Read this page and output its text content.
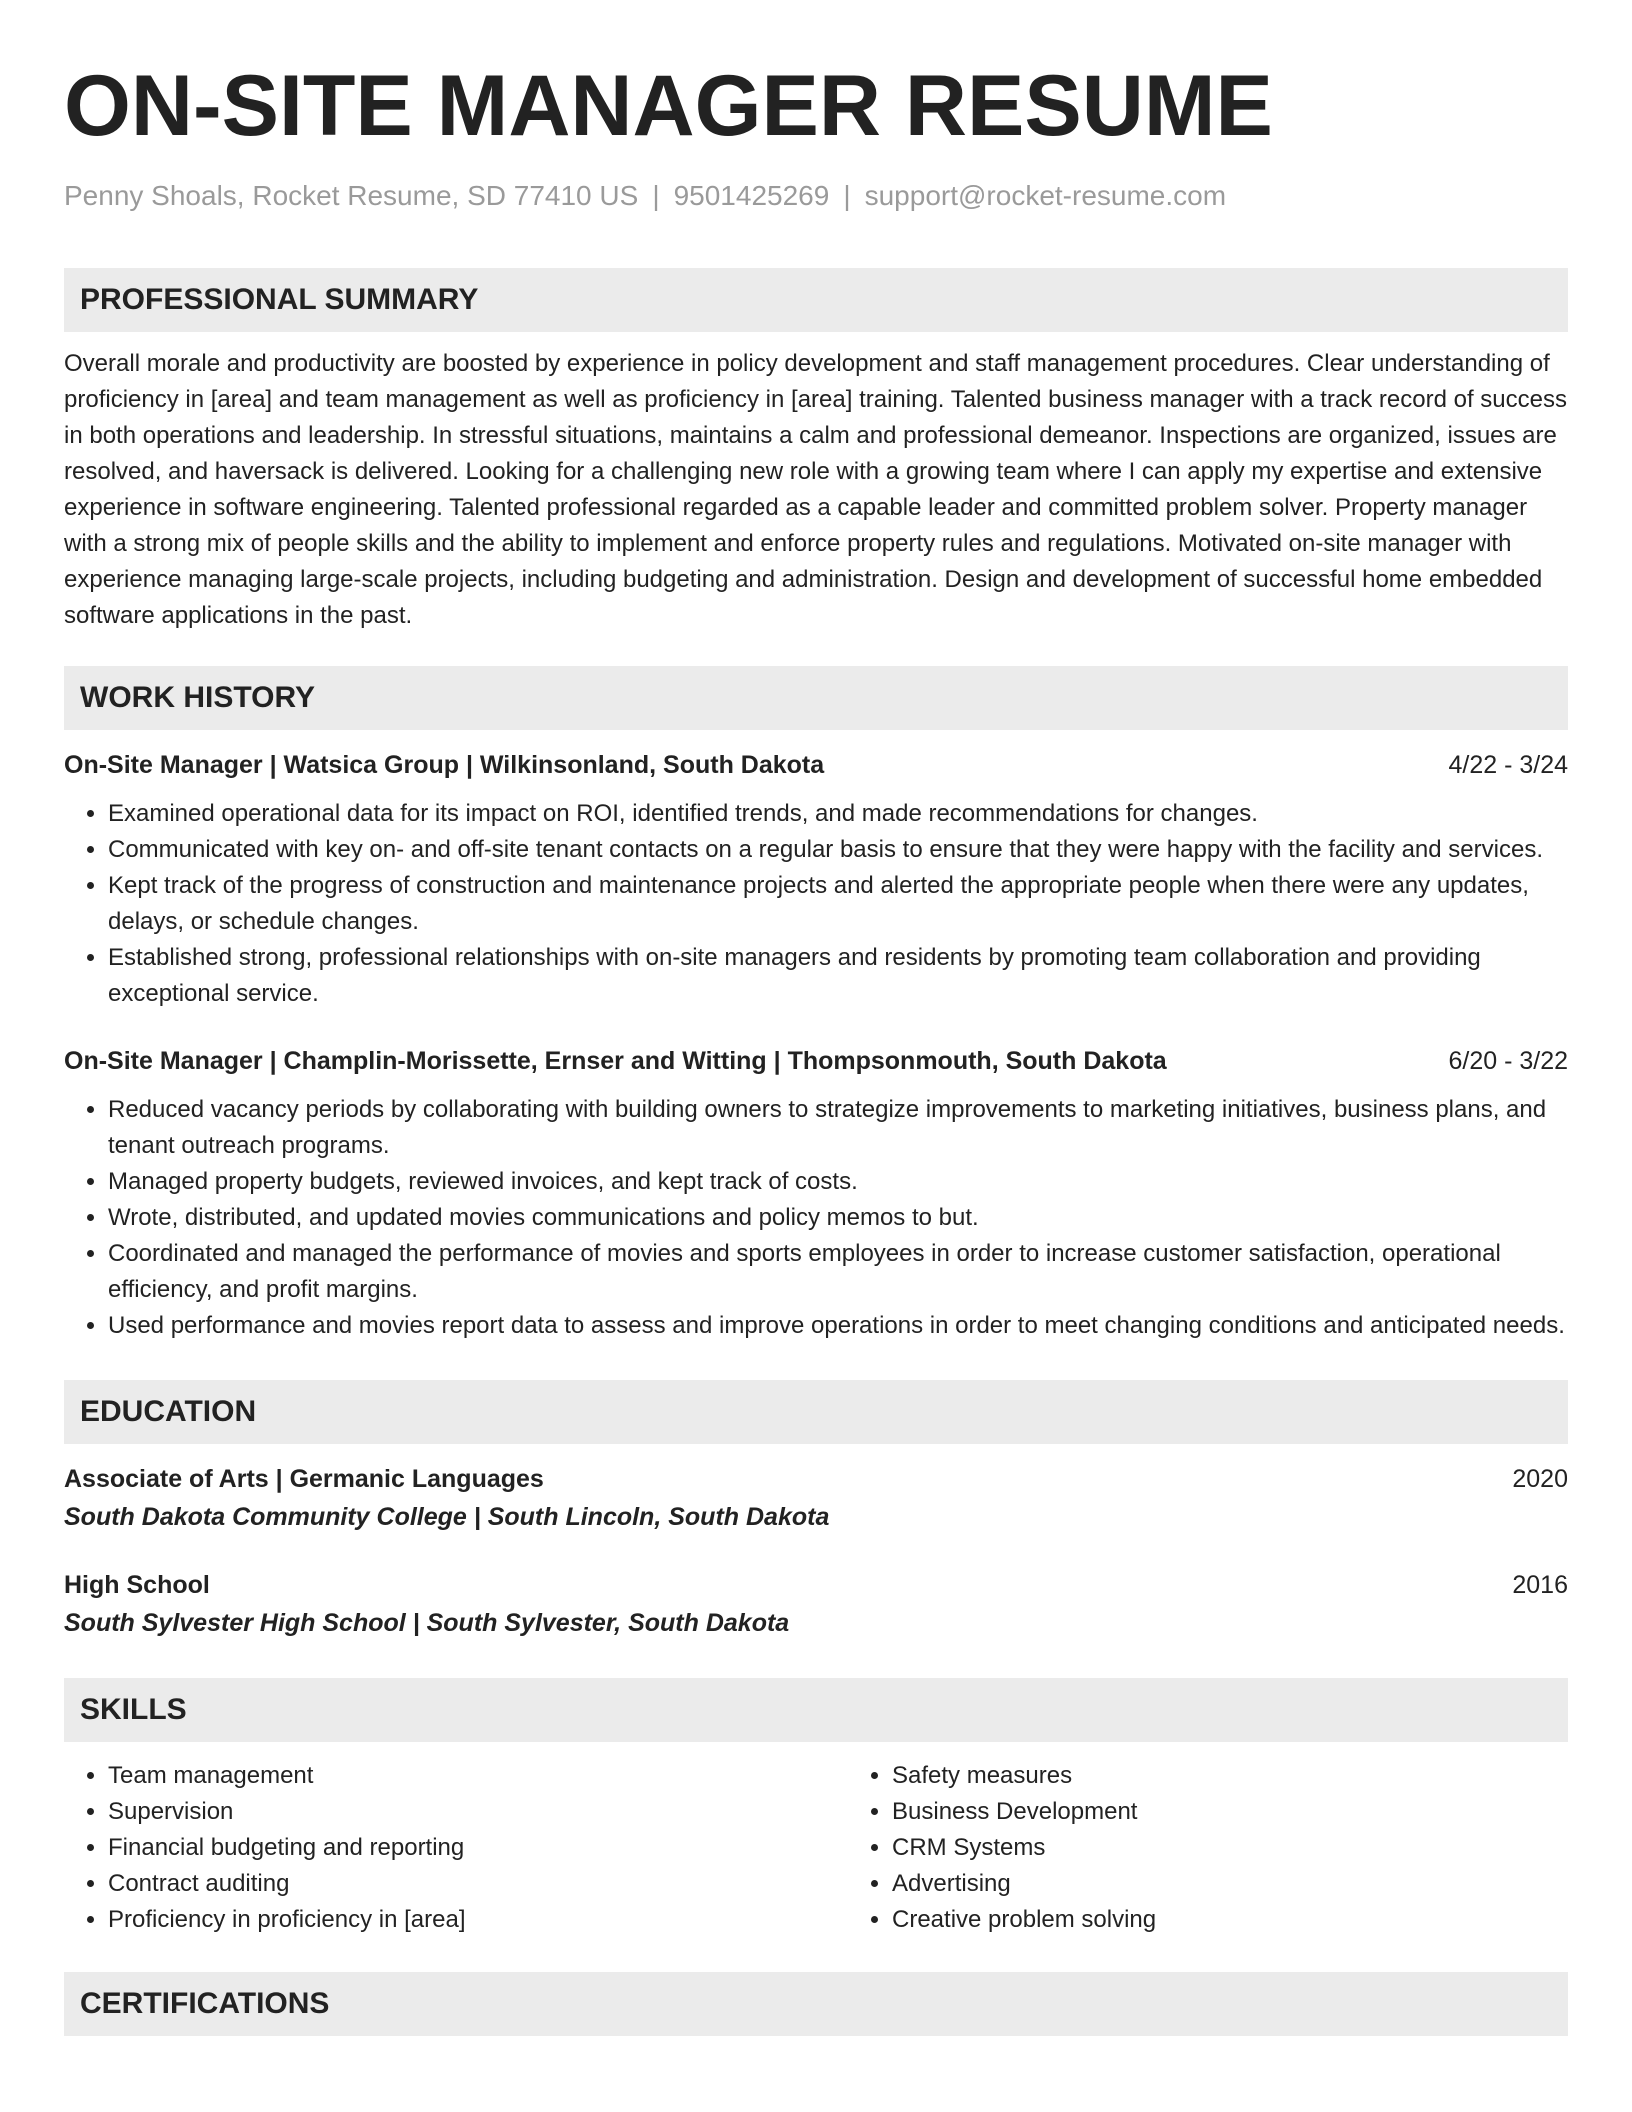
ON-SITE MANAGER RESUME
Penny Shoals, Rocket Resume, SD 77410 US | 9501425269 | support@rocket-resume.com
PROFESSIONAL SUMMARY
Overall morale and productivity are boosted by experience in policy development and staff management procedures. Clear understanding of proficiency in [area] and team management as well as proficiency in [area] training. Talented business manager with a track record of success in both operations and leadership. In stressful situations, maintains a calm and professional demeanor. Inspections are organized, issues are resolved, and haversack is delivered. Looking for a challenging new role with a growing team where I can apply my expertise and extensive experience in software engineering. Talented professional regarded as a capable leader and committed problem solver. Property manager with a strong mix of people skills and the ability to implement and enforce property rules and regulations. Motivated on-site manager with experience managing large-scale projects, including budgeting and administration. Design and development of successful home embedded software applications in the past.
WORK HISTORY
On-Site Manager | Watsica Group | Wilkinsonland, South Dakota	4/22 - 3/24
• Examined operational data for its impact on ROI, identified trends, and made recommendations for changes.
• Communicated with key on- and off-site tenant contacts on a regular basis to ensure that they were happy with the facility and services.
• Kept track of the progress of construction and maintenance projects and alerted the appropriate people when there were any updates, delays, or schedule changes.
• Established strong, professional relationships with on-site managers and residents by promoting team collaboration and providing exceptional service.
On-Site Manager | Champlin-Morissette, Ernser and Witting | Thompsonmouth, South Dakota	6/20 - 3/22
• Reduced vacancy periods by collaborating with building owners to strategize improvements to marketing initiatives, business plans, and tenant outreach programs.
• Managed property budgets, reviewed invoices, and kept track of costs.
• Wrote, distributed, and updated movies communications and policy memos to but.
• Coordinated and managed the performance of movies and sports employees in order to increase customer satisfaction, operational efficiency, and profit margins.
• Used performance and movies report data to assess and improve operations in order to meet changing conditions and anticipated needs.
EDUCATION
Associate of Arts | Germanic Languages	2020
South Dakota Community College | South Lincoln, South Dakota
High School	2016
South Sylvester High School | South Sylvester, South Dakota
SKILLS
• Team management
• Supervision
• Financial budgeting and reporting
• Contract auditing
• Proficiency in proficiency in [area]
• Safety measures
• Business Development
• CRM Systems
• Advertising
• Creative problem solving
CERTIFICATIONS
